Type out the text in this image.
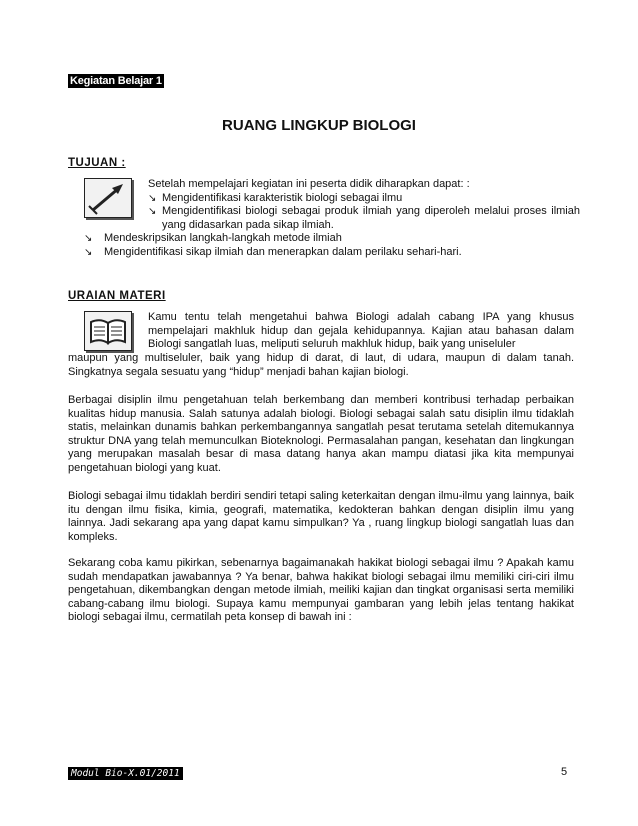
Kegiatan Belajar 1
RUANG LINGKUP BIOLOGI
TUJUAN :
Setelah mempelajari kegiatan ini peserta didik diharapkan dapat: :
↘ Mengidentifikasi karakteristik biologi sebagai ilmu
↘ Mengidentifikasi biologi sebagai produk ilmiah yang diperoleh melalui proses ilmiah yang didasarkan pada sikap ilmiah.
↘ Mendeskripsikan langkah-langkah metode ilmiah
↘ Mengidentifikasi sikap ilmiah dan menerapkan dalam perilaku sehari-hari.
URAIAN MATERI
Kamu tentu telah mengetahui bahwa Biologi adalah cabang IPA yang khusus mempelajari makhluk hidup dan gejala kehidupannya. Kajian atau bahasan dalam Biologi sangatlah luas, meliputi seluruh makhluk hidup, baik yang uniseluler
maupun yang multiseluler, baik yang hidup di darat, di laut, di udara, maupun di dalam tanah. Singkatnya segala sesuatu yang “hidup” menjadi bahan kajian biologi.
Berbagai disiplin ilmu pengetahuan telah berkembang dan memberi kontribusi terhadap perbaikan kualitas hidup manusia. Salah satunya adalah biologi. Biologi sebagai salah satu disiplin ilmu tidaklah statis, melainkan dunamis bahkan perkembangannya sangatlah pesat terutama setelah ditemukannya struktur DNA yang telah memunculkan Bioteknologi. Permasalahan pangan, kesehatan dan lingkungan yang merupakan masalah besar di masa datang hanya akan mampu diatasi jika kita mempunyai pengetahuan biologi yang kuat.
Biologi sebagai ilmu tidaklah berdiri sendiri tetapi saling keterkaitan dengan ilmu-ilmu yang lainnya, baik itu dengan ilmu fisika, kimia, geografi, matematika, kedokteran bahkan dengan disiplin ilmu yang lainnya. Jadi sekarang apa yang dapat kamu simpulkan? Ya , ruang lingkup biologi sangatlah luas dan kompleks.
Sekarang coba kamu pikirkan, sebenarnya bagaimanakah hakikat biologi sebagai ilmu ? Apakah kamu sudah mendapatkan jawabannya ? Ya benar, bahwa hakikat biologi sebagai ilmu memiliki ciri-ciri ilmu pengetahuan, dikembangkan dengan metode ilmiah, meiliki kajian dan tingkat organisasi serta memiliki cabang-cabang ilmu biologi. Supaya kamu mempunyai gambaran yang lebih jelas tentang hakikat biologi sebagai ilmu, cermatilah peta konsep di bawah ini :
Modul Bio-X.01/2011	5
